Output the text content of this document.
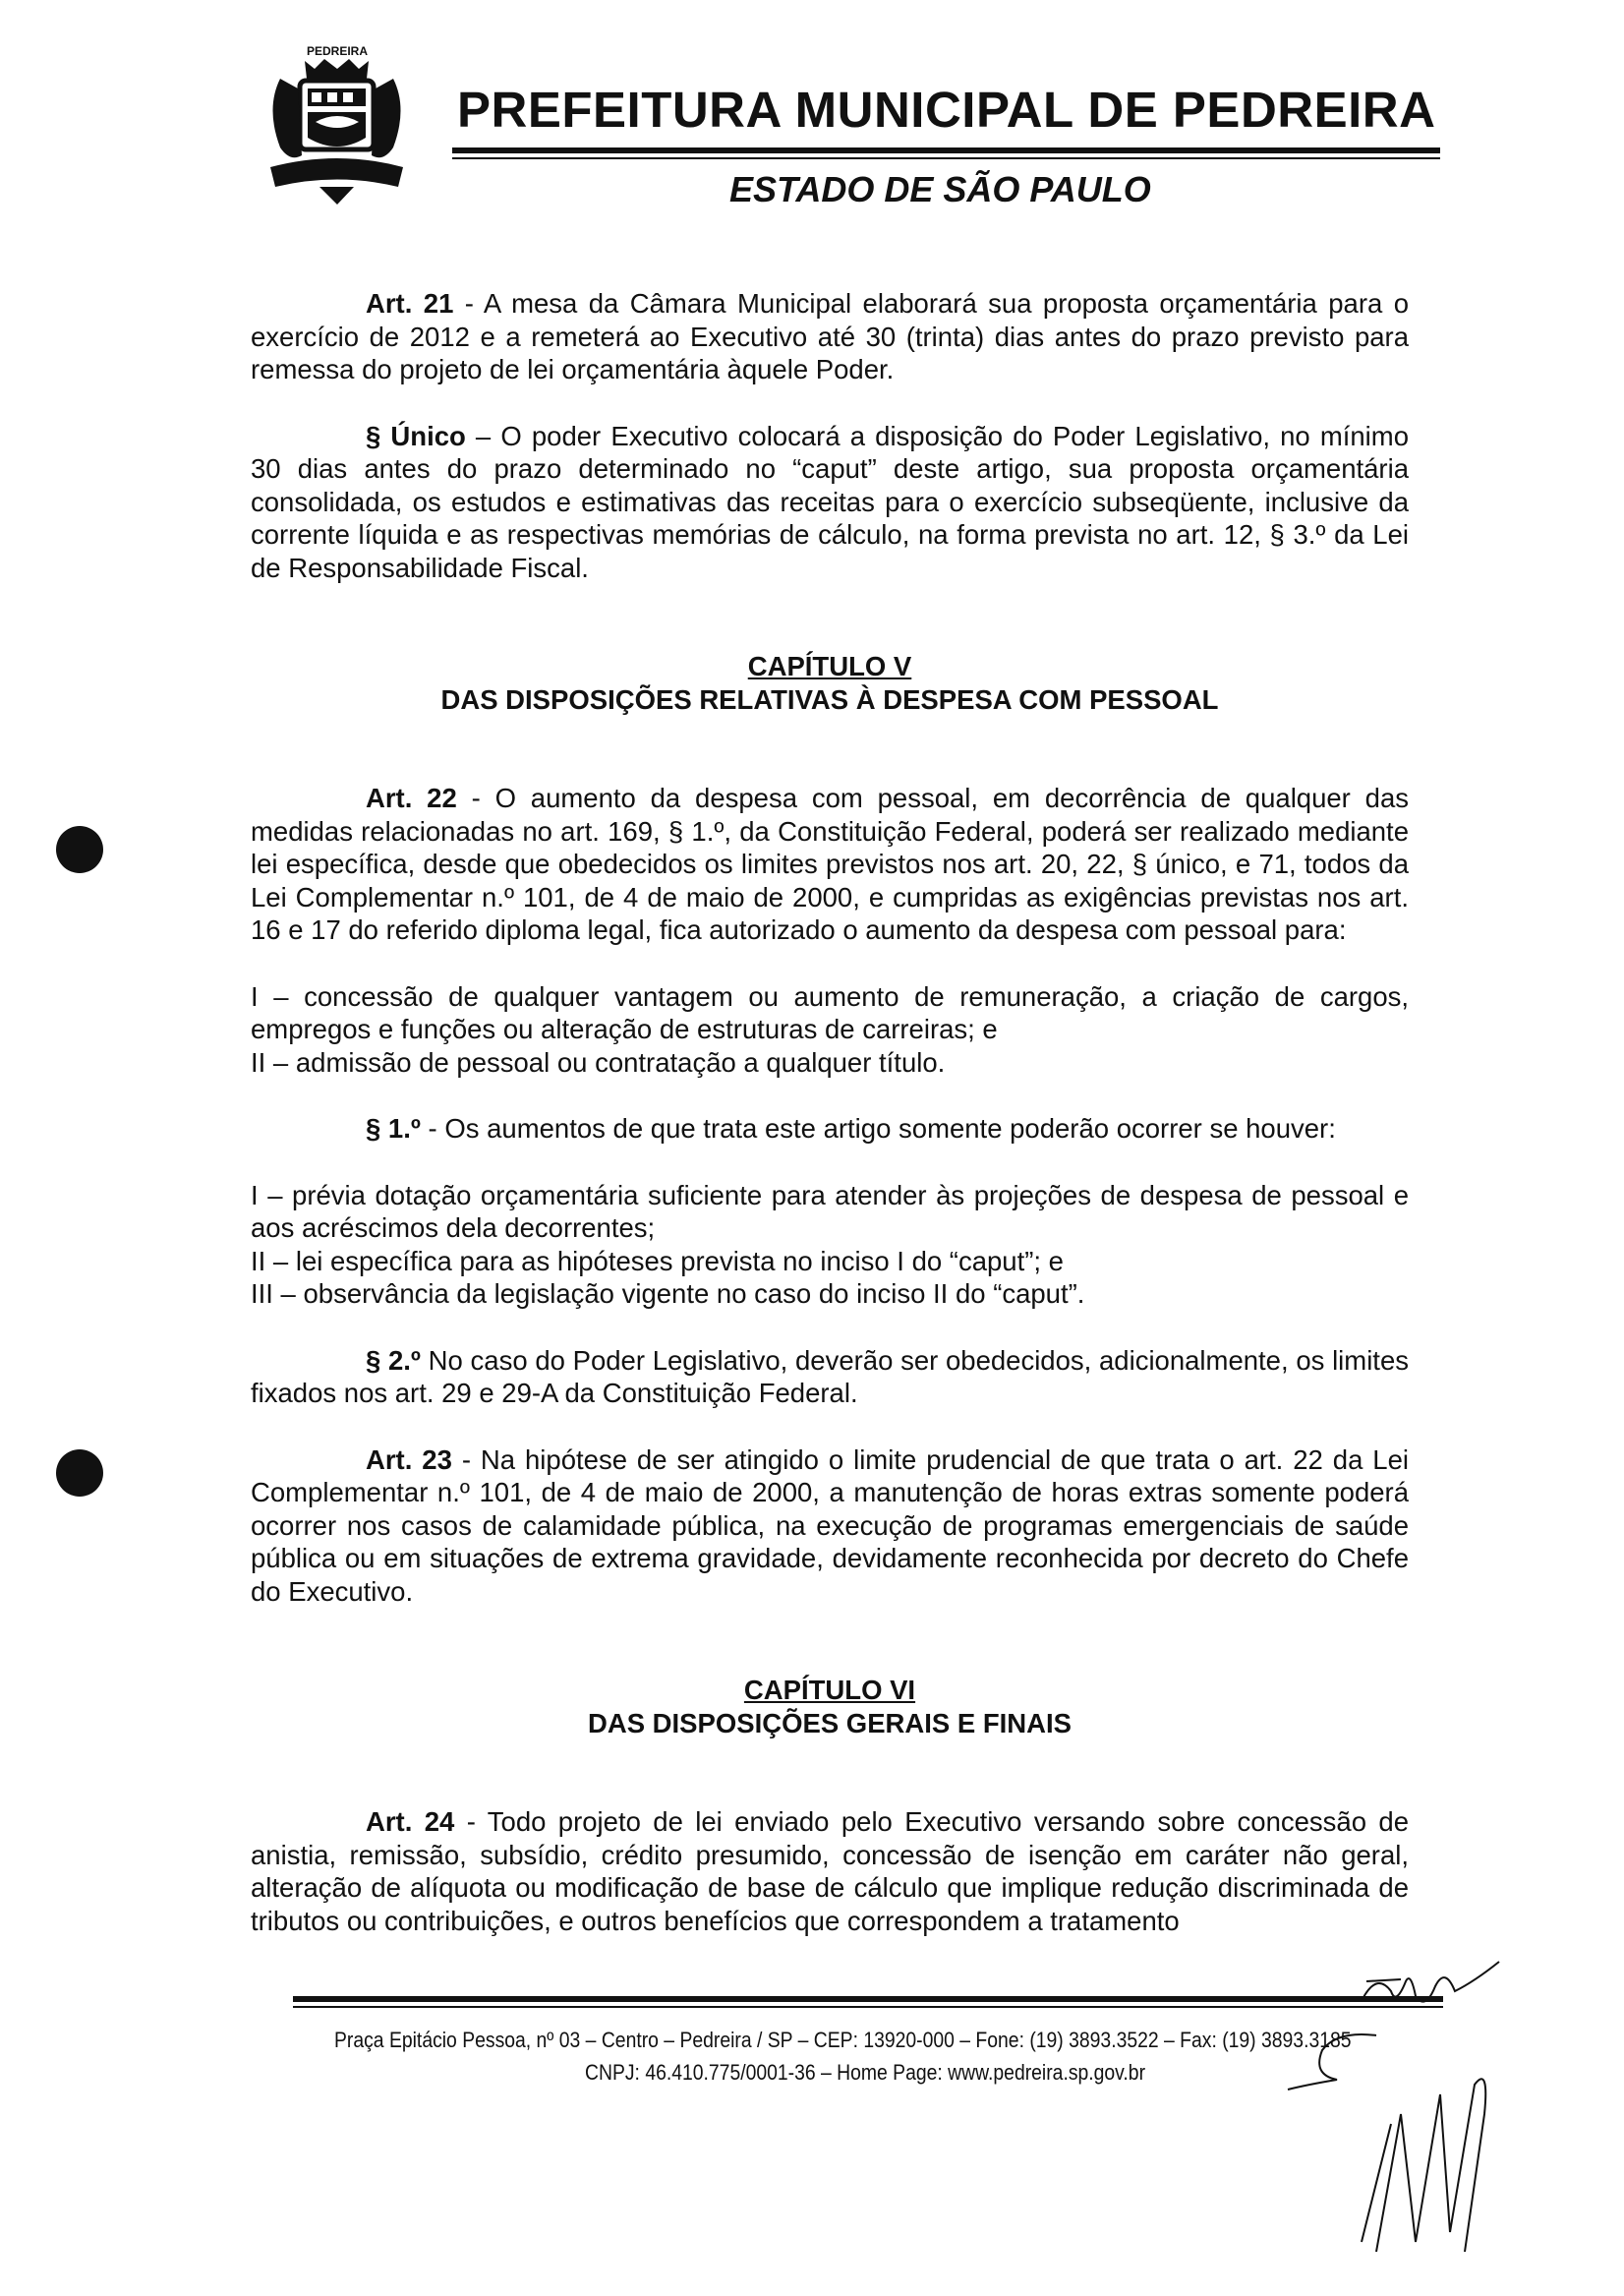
PEDREIRA
PREFEITURA MUNICIPAL DE PEDREIRA
ESTADO DE SÃO PAULO

Art. 21 - A mesa da Câmara Municipal elaborará sua proposta orçamentária para o exercício de 2012 e a remeterá ao Executivo até 30 (trinta) dias antes do prazo previsto para remessa do projeto de lei orçamentária àquele Poder.

§ Único – O poder Executivo colocará a disposição do Poder Legislativo, no mínimo 30 dias antes do prazo determinado no “caput” deste artigo, sua proposta orçamentária consolidada, os estudos e estimativas das receitas para o exercício subseqüente, inclusive da corrente líquida e as respectivas memórias de cálculo, na forma prevista no art. 12, § 3.º da Lei de Responsabilidade Fiscal.

CAPÍTULO V

DAS DISPOSIÇÕES RELATIVAS À DESPESA COM PESSOAL

Art. 22 - O aumento da despesa com pessoal, em decorrência de qualquer das medidas relacionadas no art. 169, § 1.º, da Constituição Federal, poderá ser realizado mediante lei específica, desde que obedecidos os limites previstos nos art. 20, 22, § único, e 71, todos da Lei Complementar n.º 101, de 4 de maio de 2000, e cumpridas as exigências previstas nos art. 16 e 17 do referido diploma legal, fica autorizado o aumento da despesa com pessoal para:

I – concessão de qualquer vantagem ou aumento de remuneração, a criação de cargos, empregos e funções ou alteração de estruturas de carreiras; e

II – admissão de pessoal ou contratação a qualquer título.

§ 1.º - Os aumentos de que trata este artigo somente poderão ocorrer se houver:

I – prévia dotação orçamentária suficiente para atender às projeções de despesa de pessoal e aos acréscimos dela decorrentes;

II – lei específica para as hipóteses prevista no inciso I do “caput”; e

III – observância da legislação vigente no caso do inciso II do “caput”.

§ 2.º No caso do Poder Legislativo, deverão ser obedecidos, adicionalmente, os limites fixados nos art. 29 e 29-A da Constituição Federal.

Art. 23 - Na hipótese de ser atingido o limite prudencial de que trata o art. 22 da Lei Complementar n.º 101, de 4 de maio de 2000, a manutenção de horas extras somente poderá ocorrer nos casos de calamidade pública, na execução de programas emergenciais de saúde pública ou em situações de extrema gravidade, devidamente reconhecida por decreto do Chefe do Executivo.

CAPÍTULO VI

DAS DISPOSIÇÕES GERAIS E FINAIS

Art. 24 - Todo projeto de lei enviado pelo Executivo versando sobre concessão de anistia, remissão, subsídio, crédito presumido, concessão de isenção em caráter não geral, alteração de alíquota ou modificação de base de cálculo que implique redução discriminada de tributos ou contribuições, e outros benefícios que correspondem a tratamento

Praça Epitácio Pessoa, nº 03 – Centro – Pedreira / SP – CEP: 13920-000 – Fone: (19) 3893.3522 – Fax: (19) 3893.3185
CNPJ: 46.410.775/0001-36 – Home Page: www.pedreira.sp.gov.br
